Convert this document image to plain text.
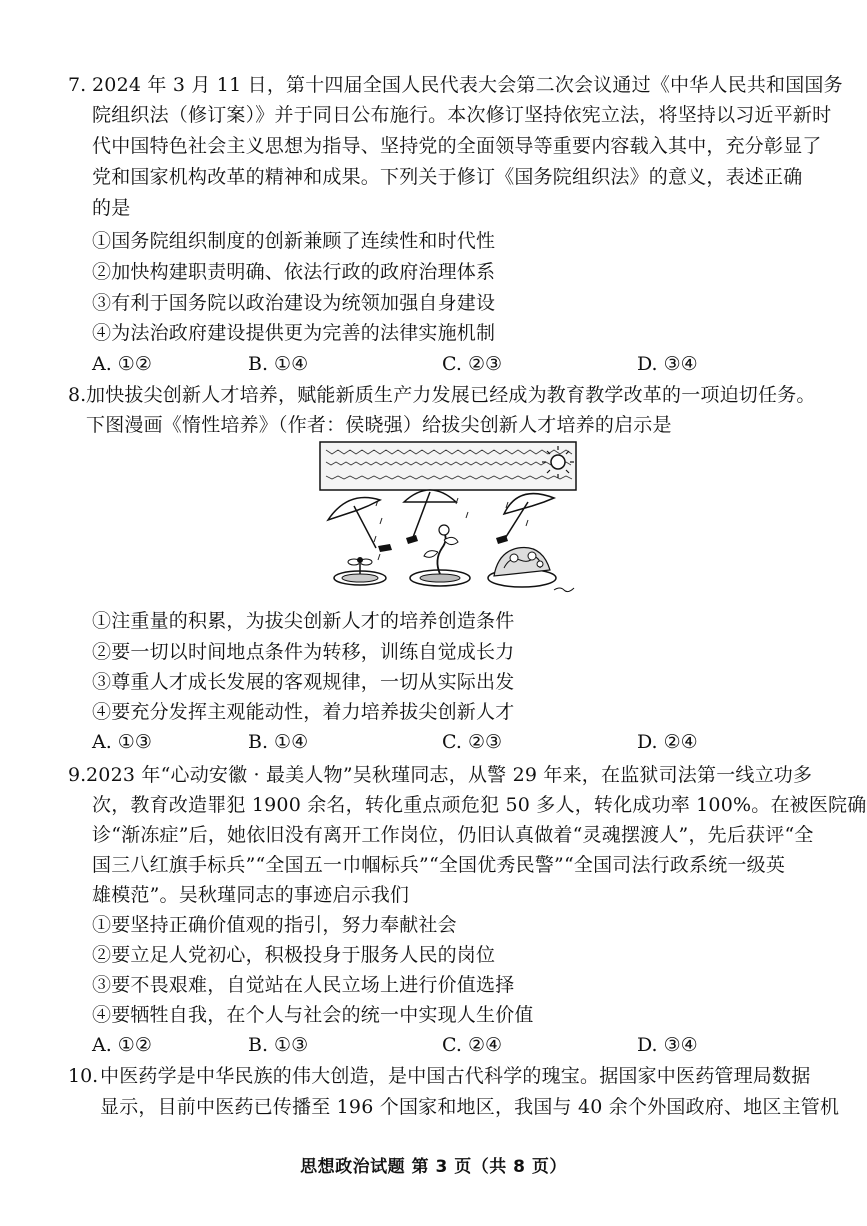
7. 2024 年 3 月 11 日，第十四届全国人民代表大会第二次会议通过《中华人民共和国国务
院组织法（修订案）》并于同日公布施行。本次修订坚持依宪立法，将坚持以习近平新时
代中国特色社会主义思想为指导、坚持党的全面领导等重要内容载入其中，充分彰显了
党和国家机构改革的精神和成果。下列关于修订《国务院组织法》的意义，表述正确
的是
①国务院组织制度的创新兼顾了连续性和时代性
②加快构建职责明确、依法行政的政府治理体系
③有利于国务院以政治建设为统领加强自身建设
④为法治政府建设提供更为完善的法律实施机制
A. ①②	B. ①④	C. ②③	D. ③④
8. 加快拔尖创新人才培养，赋能新质生产力发展已经成为教育教学改革的一项迫切任务。
下图漫画《惰性培养》（作者：侯晓强）给拔尖创新人才培养的启示是
①注重量的积累，为拔尖创新人才的培养创造条件
②要一切以时间地点条件为转移，训练自觉成长力
③尊重人才成长发展的客观规律，一切从实际出发
④要充分发挥主观能动性，着力培养拔尖创新人才
A. ①③	B. ①④	C. ②③	D. ②④
9. 2023 年“心动安徽 · 最美人物”吴秋瑾同志，从警 29 年来，在监狱司法第一线立功多
次，教育改造罪犯 1900 余名，转化重点顽危犯 50 多人，转化成功率 100%。在被医院确
诊“渐冻症”后，她依旧没有离开工作岗位，仍旧认真做着“灵魂摆渡人”，先后获评“全
国三八红旗手标兵”“全国五一巾帼标兵”“全国优秀民警”“全国司法行政系统一级英
雄模范”。吴秋瑾同志的事迹启示我们
①要坚持正确价值观的指引，努力奉献社会
②要立足人党初心，积极投身于服务人民的岗位
③要不畏艰难，自觉站在人民立场上进行价值选择
④要牺牲自我，在个人与社会的统一中实现人生价值
A. ①②	B. ①③	C. ②④	D. ③④
10. 中医药学是中华民族的伟大创造，是中国古代科学的瑰宝。据国家中医药管理局数据
显示，目前中医药已传播至 196 个国家和地区，我国与 40 余个外国政府、地区主管机
思想政治试题 第 3 页（共 8 页）
